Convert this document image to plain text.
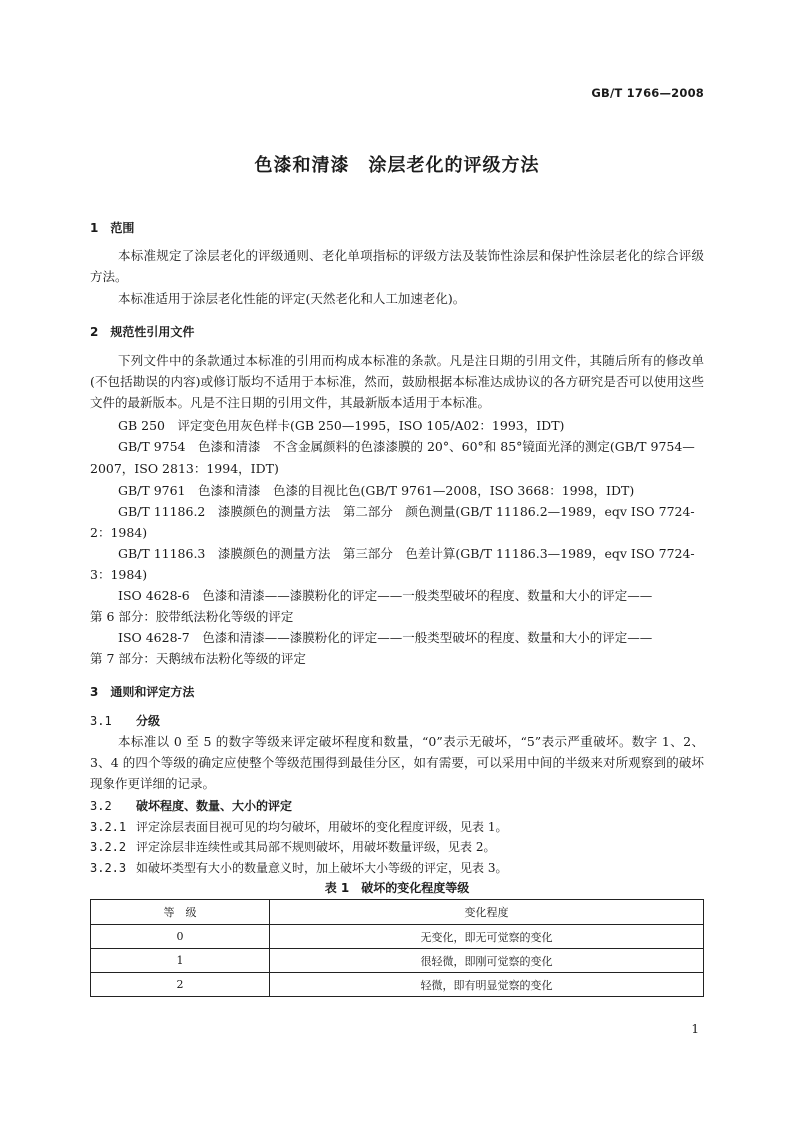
GB/T 1766—2008
色漆和清漆　涂层老化的评级方法
1　范围
本标准规定了涂层老化的评级通则、老化单项指标的评级方法及装饰性涂层和保护性涂层老化的综合评级方法。
本标准适用于涂层老化性能的评定(天然老化和人工加速老化)。
2　规范性引用文件
下列文件中的条款通过本标准的引用而构成本标准的条款。凡是注日期的引用文件，其随后所有的修改单(不包括勘误的内容)或修订版均不适用于本标准，然而，鼓励根据本标准达成协议的各方研究是否可以使用这些文件的最新版本。凡是不注日期的引用文件，其最新版本适用于本标准。
GB 250　评定变色用灰色样卡(GB 250—1995，ISO 105/A02：1993，IDT)
GB/T 9754　色漆和清漆　不含金属颜料的色漆漆膜的 20°、60°和 85°镜面光泽的测定(GB/T 9754—
2007，ISO 2813：1994，IDT)
GB/T 9761　色漆和清漆　色漆的目视比色(GB/T 9761—2008，ISO 3668：1998，IDT)
GB/T 11186.2　漆膜颜色的测量方法　第二部分　颜色测量(GB/T 11186.2—1989，eqv ISO 7724-
2：1984)
GB/T 11186.3　漆膜颜色的测量方法　第三部分　色差计算(GB/T 11186.3—1989，eqv ISO 7724-
3：1984)
ISO 4628-6　色漆和清漆——漆膜粉化的评定——一般类型破坏的程度、数量和大小的评定——
第 6 部分：胶带纸法粉化等级的评定
ISO 4628-7　色漆和清漆——漆膜粉化的评定——一般类型破坏的程度、数量和大小的评定——
第 7 部分：天鹅绒布法粉化等级的评定
3　通则和评定方法
3.1 分级
本标准以 0 至 5 的数字等级来评定破坏程度和数量，“0”表示无破坏，“5”表示严重破坏。数字 1、2、3、4 的四个等级的确定应使整个等级范围得到最佳分区，如有需要，可以采用中间的半级来对所观察到的破坏现象作更详细的记录。
3.2 破坏程度、数量、大小的评定
3.2.1 评定涂层表面目视可见的均匀破坏，用破坏的变化程度评级，见表 1。
3.2.2 评定涂层非连续性或其局部不规则破坏，用破坏数量评级，见表 2。
3.2.3 如破坏类型有大小的数量意义时，加上破坏大小等级的评定，见表 3。
表 1　破坏的变化程度等级
等　级	变化程度
0	无变化，即无可觉察的变化
1	很轻微，即刚可觉察的变化
2	轻微，即有明显觉察的变化
1
